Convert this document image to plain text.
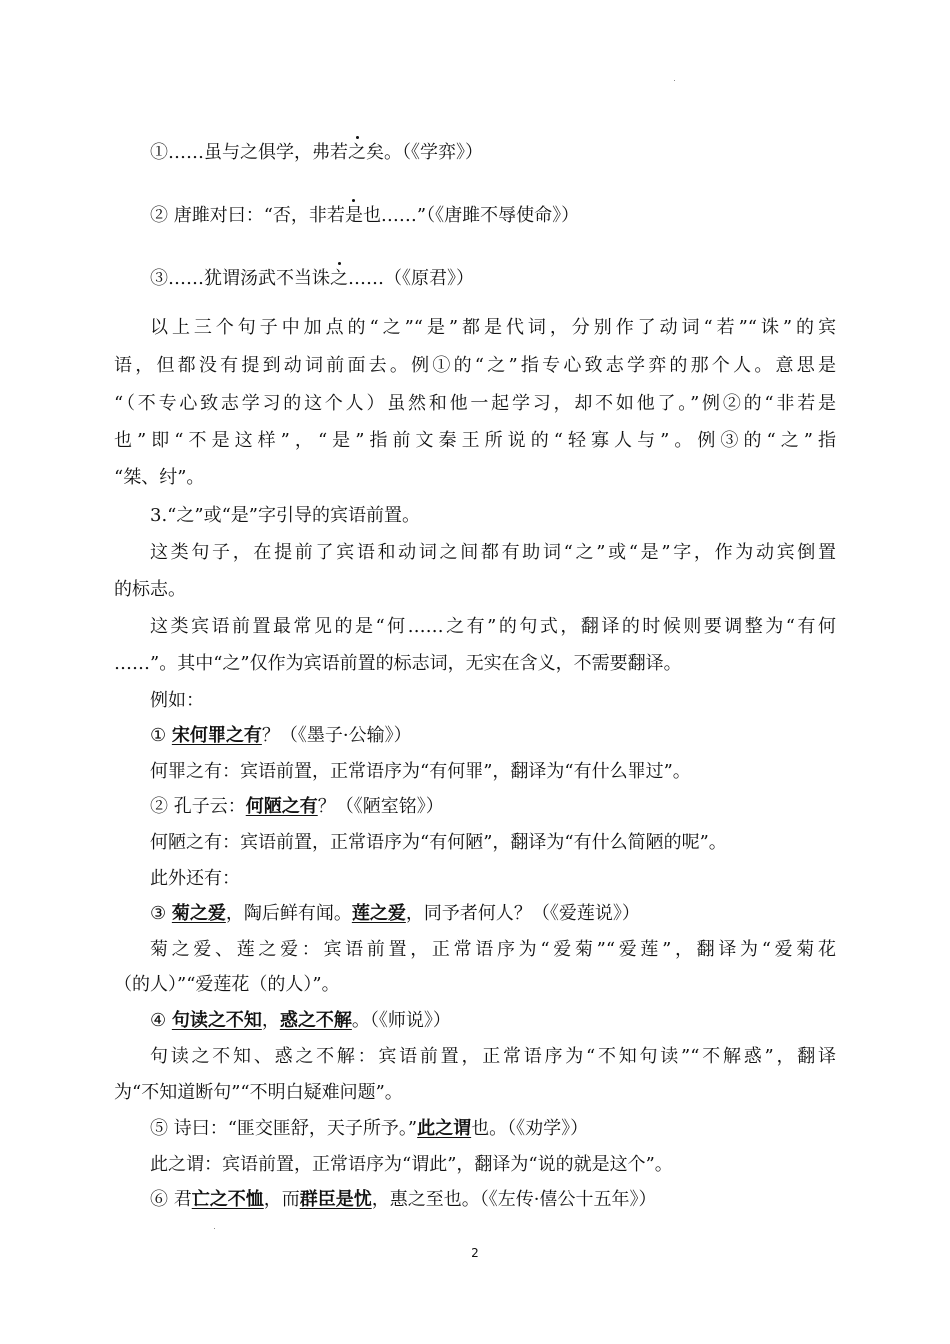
①……虽与之俱学，弗若之矣。（《学弈》）
② 唐雎对曰：“否，非若是也……”（《唐雎不辱使命》）
③……犹谓汤武不当诛之……（《原君》）
以上三个句子中加点的“之”“是”都是代词，分别作了动词“若”“诛”的宾
语，但都没有提到动词前面去。例①的“之”指专心致志学弈的那个人。意思是
“（不专心致志学习的这个人）虽然和他一起学习，却不如他了。”例②的“非若是
也”即“不是这样”，“是”指前文秦王所说的“轻寡人与”。例③的“之”指
“桀、纣”。
3.“之”或“是”字引导的宾语前置。
这类句子，在提前了宾语和动词之间都有助词“之”或“是”字，作为动宾倒置
的标志。
这类宾语前置最常见的是“何……之有”的句式，翻译的时候则要调整为“有何
……”。其中“之”仅作为宾语前置的标志词，无实在含义，不需要翻译。
例如：
① 宋何罪之有？（《墨子·公输》）
何罪之有：宾语前置，正常语序为“有何罪”，翻译为“有什么罪过”。
② 孔子云：何陋之有？（《陋室铭》）
何陋之有：宾语前置，正常语序为“有何陋”，翻译为“有什么简陋的呢”。
此外还有：
③ 菊之爱，陶后鲜有闻。莲之爱，同予者何人？（《爱莲说》）
菊之爱、莲之爱：宾语前置，正常语序为“爱菊”“爱莲”，翻译为“爱菊花
（的人）”“爱莲花（的人）”。
④ 句读之不知，惑之不解。（《师说》）
句读之不知、惑之不解：宾语前置，正常语序为“不知句读”“不解惑”，翻译
为“不知道断句”“不明白疑难问题”。
⑤ 诗曰：“匪交匪舒，天子所予。”此之谓也。（《劝学》）
此之谓：宾语前置，正常语序为“谓此”，翻译为“说的就是这个”。
⑥ 君亡之不恤，而群臣是忧，惠之至也。（《左传·僖公十五年》）
2
